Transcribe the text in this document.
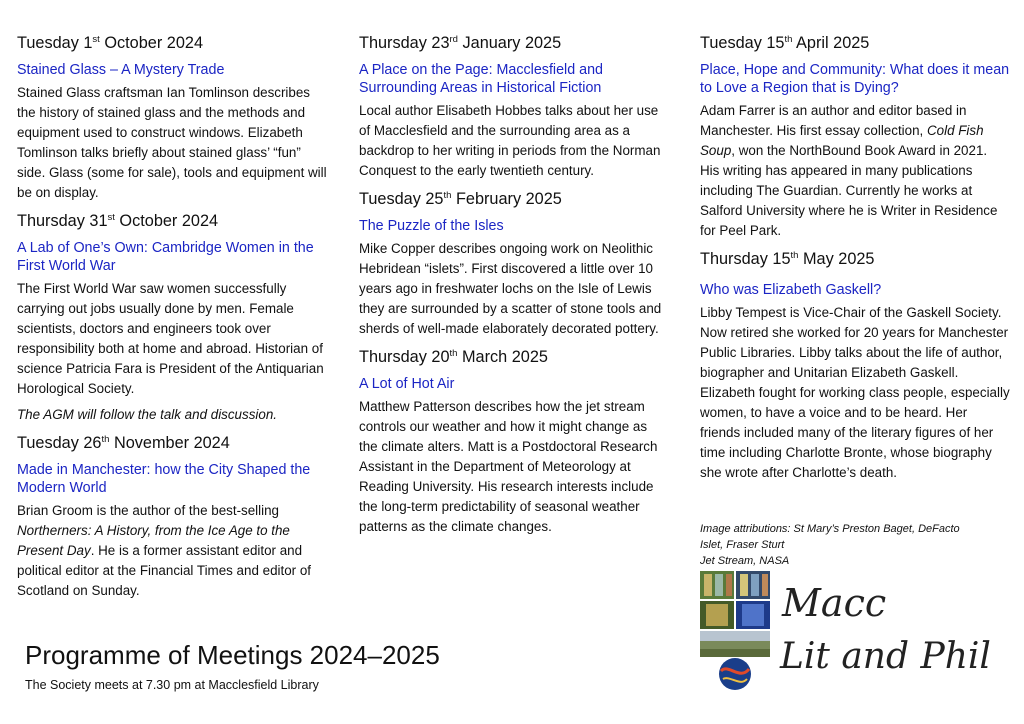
Tuesday 1st October 2024
Stained Glass – A Mystery Trade
Stained Glass craftsman Ian Tomlinson describes the history of stained glass and the methods and equipment used to construct windows. Elizabeth Tomlinson talks briefly about stained glass’ “fun” side. Glass (some for sale), tools and equipment will be on display.
Thursday 31st October 2024
A Lab of One’s Own: Cambridge Women in the First World War
The First World War saw women successfully carrying out jobs usually done by men. Female scientists, doctors and engineers took over responsibility both at home and abroad. Historian of science Patricia Fara is President of the Antiquarian Horological Society.
The AGM will follow the talk and discussion.
Tuesday 26th November 2024
Made in Manchester: how the City Shaped the Modern World
Brian Groom is the author of the best-selling Northerners: A History, from the Ice Age to the Present Day. He is a former assistant editor and political editor at the Financial Times and editor of Scotland on Sunday.
Thursday 23rd January 2025
A Place on the Page: Macclesfield and Surrounding Areas in Historical Fiction
Local author Elisabeth Hobbes talks about her use of Macclesfield and the surrounding area as a backdrop to her writing in periods from the Norman Conquest to the early twentieth century.
Tuesday 25th February 2025
The Puzzle of the Isles
Mike Copper describes ongoing work on Neolithic Hebridean “islets”. First discovered a little over 10 years ago in freshwater lochs on the Isle of Lewis they are surrounded by a scatter of stone tools and sherds of well-made elaborately decorated pottery.
Thursday 20th March 2025
A Lot of Hot Air
Matthew Patterson describes how the jet stream controls our weather and how it might change as the climate alters. Matt is a Postdoctoral Research Assistant in the Department of Meteorology at Reading University. His research interests include the long-term predictability of seasonal weather patterns as the climate changes.
Tuesday 15th April 2025
Place, Hope and Community: What does it mean to Love a Region that is Dying?
Adam Farrer is an author and editor based in Manchester. His first essay collection, Cold Fish Soup, won the NorthBound Book Award in 2021. His writing has appeared in many publications including The Guardian. Currently he works at Salford University where he is Writer in Residence for Peel Park.
Thursday 15th May 2025
Who was Elizabeth Gaskell?
Libby Tempest is Vice-Chair of the Gaskell Society. Now retired she worked for 20 years for Manchester Public Libraries. Libby talks about the life of author, biographer and Unitarian Elizabeth Gaskell. Elizabeth fought for working class people, especially women, to have a voice and to be heard. Her friends included many of the literary figures of her time including Charlotte Bronte, whose biography she wrote after Charlotte’s death.
Image attributions: St Mary’s Preston Baget, DeFacto
Islet, Fraser Sturt
Jet Stream, NASA
Macc
Lit and Phil
Programme of Meetings 2024–2025
The Society meets at 7.30 pm at Macclesfield Library
